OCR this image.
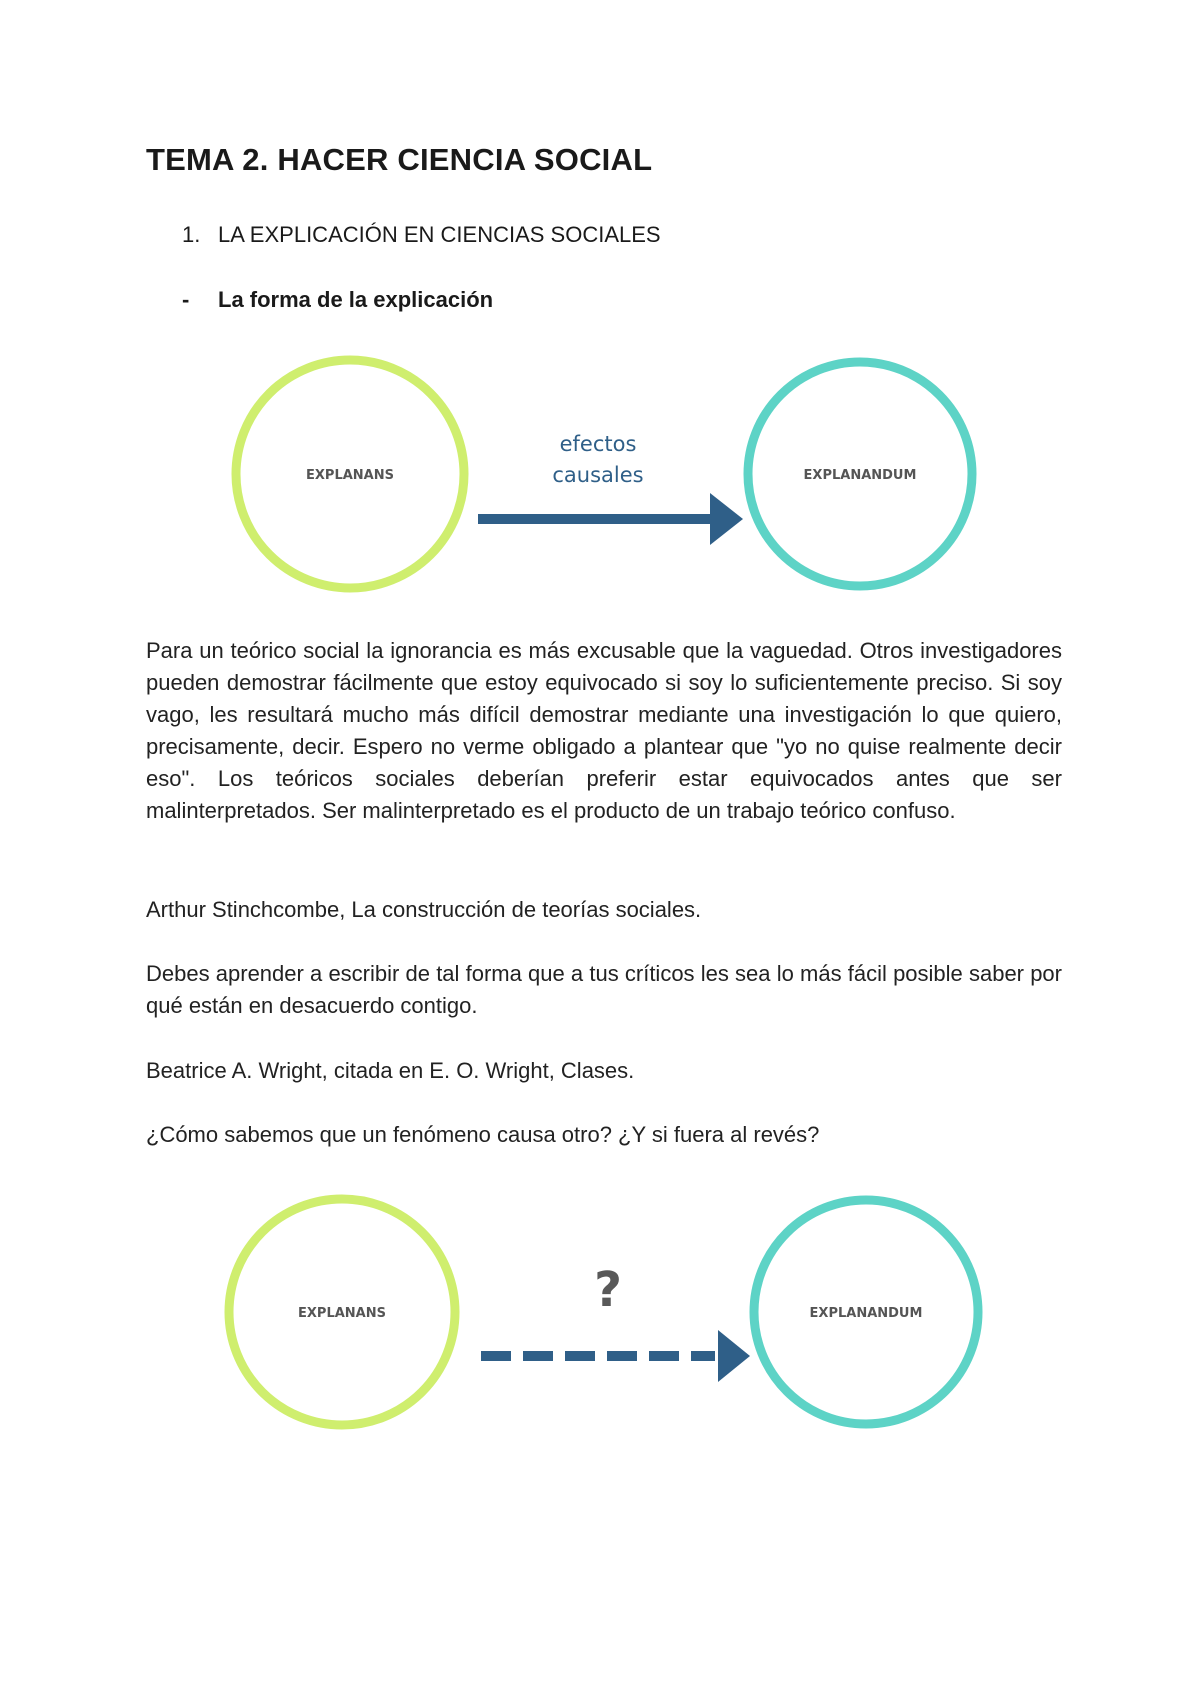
TEMA 2. HACER CIENCIA SOCIAL
1. LA EXPLICACIÓN EN CIENCIAS SOCIALES
- La forma de la explicación
EXPLANANS	EXPLANANDUM
efectos
causales

Para un teórico social la ignorancia es más excusable que la vaguedad. Otros investigadores pueden demostrar fácilmente que estoy equivocado si soy lo suficientemente preciso. Si soy vago, les resultará mucho más difícil demostrar mediante una investigación lo que quiero, precisamente, decir. Espero no verme obligado a plantear que "yo no quise realmente decir eso". Los teóricos sociales deberían preferir estar equivocados antes que ser malinterpretados. Ser malinterpretado es el producto de un trabajo teórico confuso.

Arthur Stinchcombe, La construcción de teorías sociales.

Debes aprender a escribir de tal forma que a tus críticos les sea lo más fácil posible saber por qué están en desacuerdo contigo.

Beatrice A. Wright, citada en E. O. Wright, Clases.

¿Cómo sabemos que un fenómeno causa otro? ¿Y si fuera al revés?

EXPLANANS	EXPLANANDUM
?
